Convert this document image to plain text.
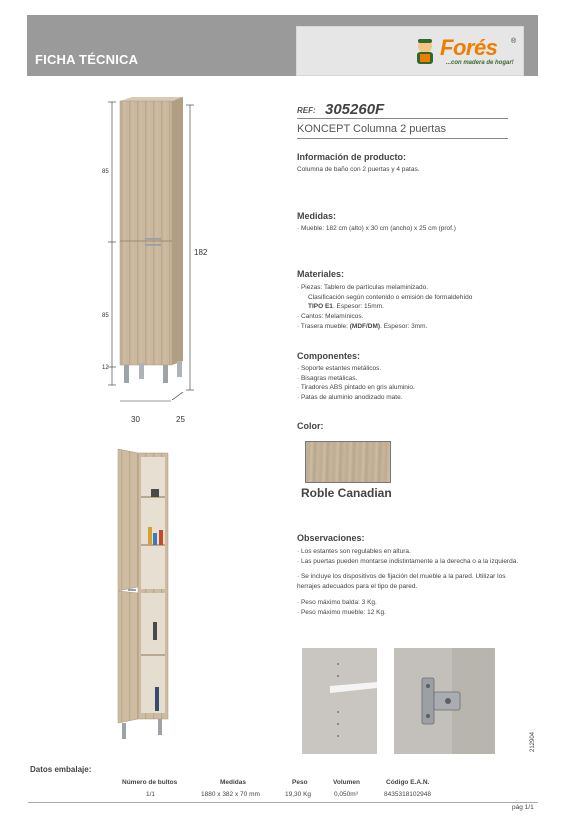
FICHA TÉCNICA	Forés ®
...con madera de hogar!
85
85
12
182
30	25
REF: 305260F
KONCEPT Columna 2 puertas
Información de producto:
Columna de baño con 2 puertas y 4 patas.
Medidas:
· Mueble: 182 cm (alto) x 30 cm (ancho) x 25 cm (prof.)
Materiales:
· Piezas: Tablero de partículas melaminizado.
Clasificación según contenido o emisión de formaldehído
TIPO E1. Espesor: 15mm.
· Cantos: Melamínicos.
· Trasera mueble: (MDF/DM). Espesor: 3mm.
Componentes:
· Soporte estantes metálicos.
· Bisagras metálicas.
· Tiradores ABS pintado en gris aluminio.
· Patas de aluminio anodizado mate.
Color:
Roble Canadian
Observaciones:
· Los estantes son regulables en altura.
· Las puertas pueden montarse indistintamente a la derecha o a la izquierda.
· Se incluye los dispositivos de fijación del mueble a la pared. Utilizar los
herrajes adecuados para el tipo de pared.
· Peso máximo balda: 3 Kg.
· Peso máximo mueble: 12 Kg.
Datos embalaje:
Número de bultos	Medidas	Peso	Volumen	Código E.A.N.
1/1	1880 x 382 x 70 mm	19,30 Kg	0,050m³	8435318102948
212904
pág 1/1
